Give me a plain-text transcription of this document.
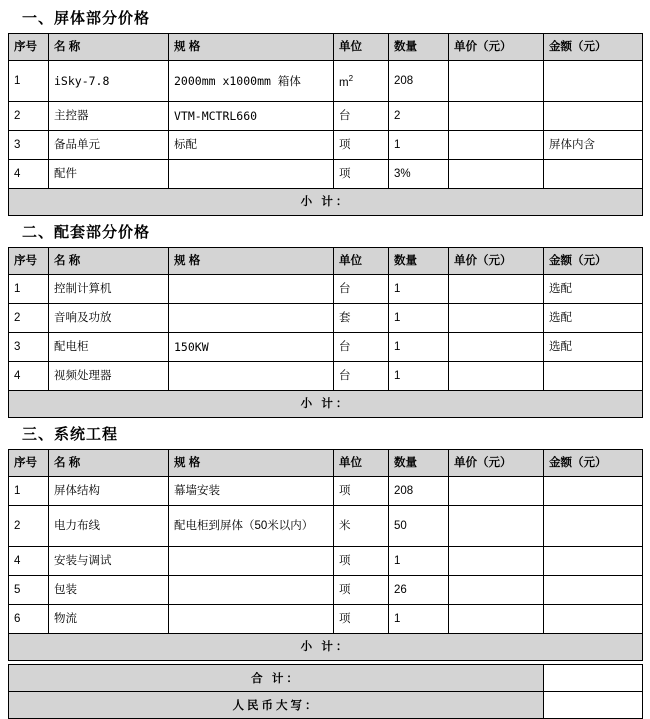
一、屏体部分价格
序号	名 称	规 格	单位	数量	单价（元）	金额（元）
1	iSky-7.8	2000mm x1000mm 箱体	$m^2$	208		
2	主控器	VTM-MCTRL660	台	2		
3	备品单元	标配	项	1		屏体内含
4	配件		项	3%		
小 计：						
二、配套部分价格
序号	名 称	规 格	单位	数量	单价（元）	金额（元）
1	控制计算机		台	1		选配
2	音响及功放		套	1		选配
3	配电柜	150KW	台	1		选配
4	视频处理器		台	1		
小 计：						
三、系统工程
序号	名 称	规 格	单位	数量	单价（元）	金额（元）
1	屏体结构	幕墙安装	项	208		
2	电力布线	配电柜到屏体（50米以内）	米	50		
4	安装与调试		项	1		
5	包装		项	26		
6	物流		项	1		
小 计：						
合 计：	
人民币大写：	
